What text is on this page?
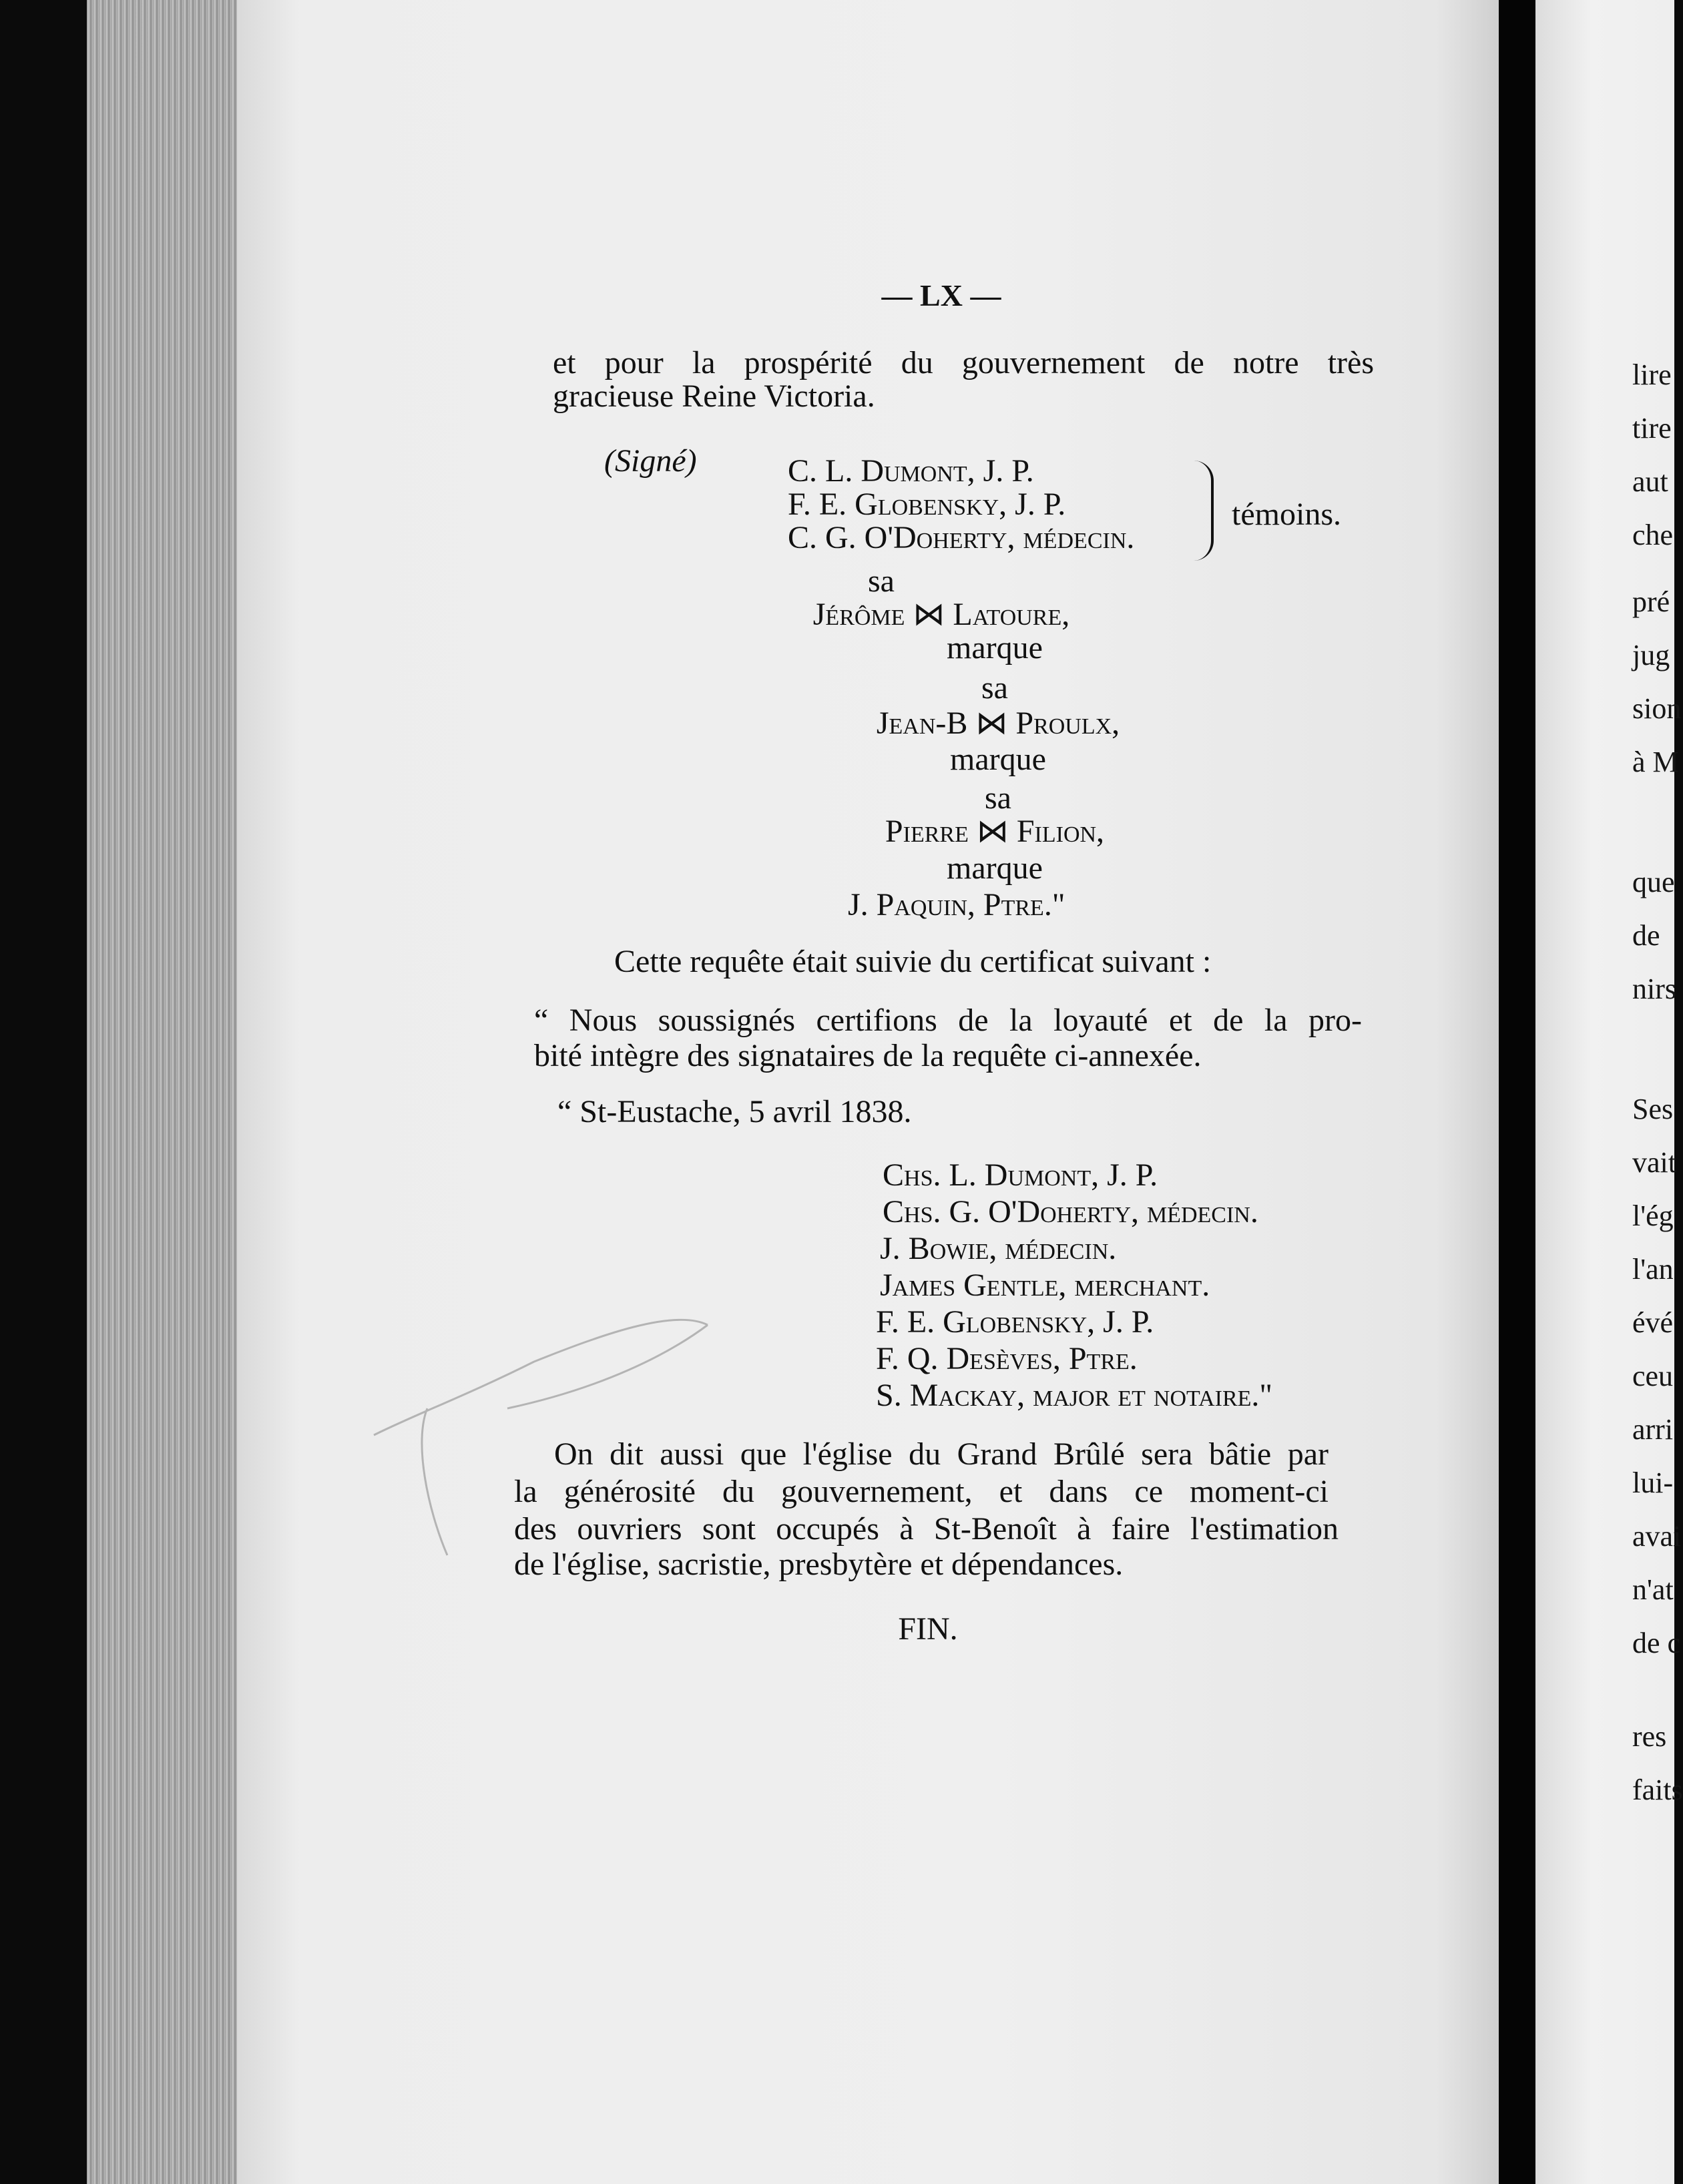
lire
tire
aut
che
pré
jug
sion
à M
que
de
nirs
Ses
vait
l'ég
l'an
évé
ceu
arri
lui-
avai
n'at
de c
res
faits
— LX —
et pour la prospérité du gouvernement de notre très
gracieuse Reine Victoria.
(Signé)	C. L. Dumont, J. P.
F. E. Globensky, J. P.
C. G. O'Doherty, médecin.
témoins.
sa
Jérôme ⋈ Latoure,
marque
sa
Jean-B ⋈ Proulx,
marque
sa
Pierre ⋈ Filion,
marque
J. Paquin, Ptre."
Cette requête était suivie du certificat suivant :
“ Nous soussignés certifions de la loyauté et de la pro-
bité intègre des signataires de la requête ci-annexée.
“ St-Eustache, 5 avril 1838.
Chs. L. Dumont, J. P.
Chs. G. O'Doherty, médecin.
J. Bowie, médecin.
James Gentle, merchant.
F. E. Globensky, J. P.
F. Q. Desèves, Ptre.
S. Mackay, major et notaire."
On dit aussi que l'église du Grand Brûlé sera bâtie par
la générosité du gouvernement, et dans ce moment-ci
des ouvriers sont occupés à St-Benoît à faire l'estimation
de l'église, sacristie, presbytère et dépendances.
FIN.
